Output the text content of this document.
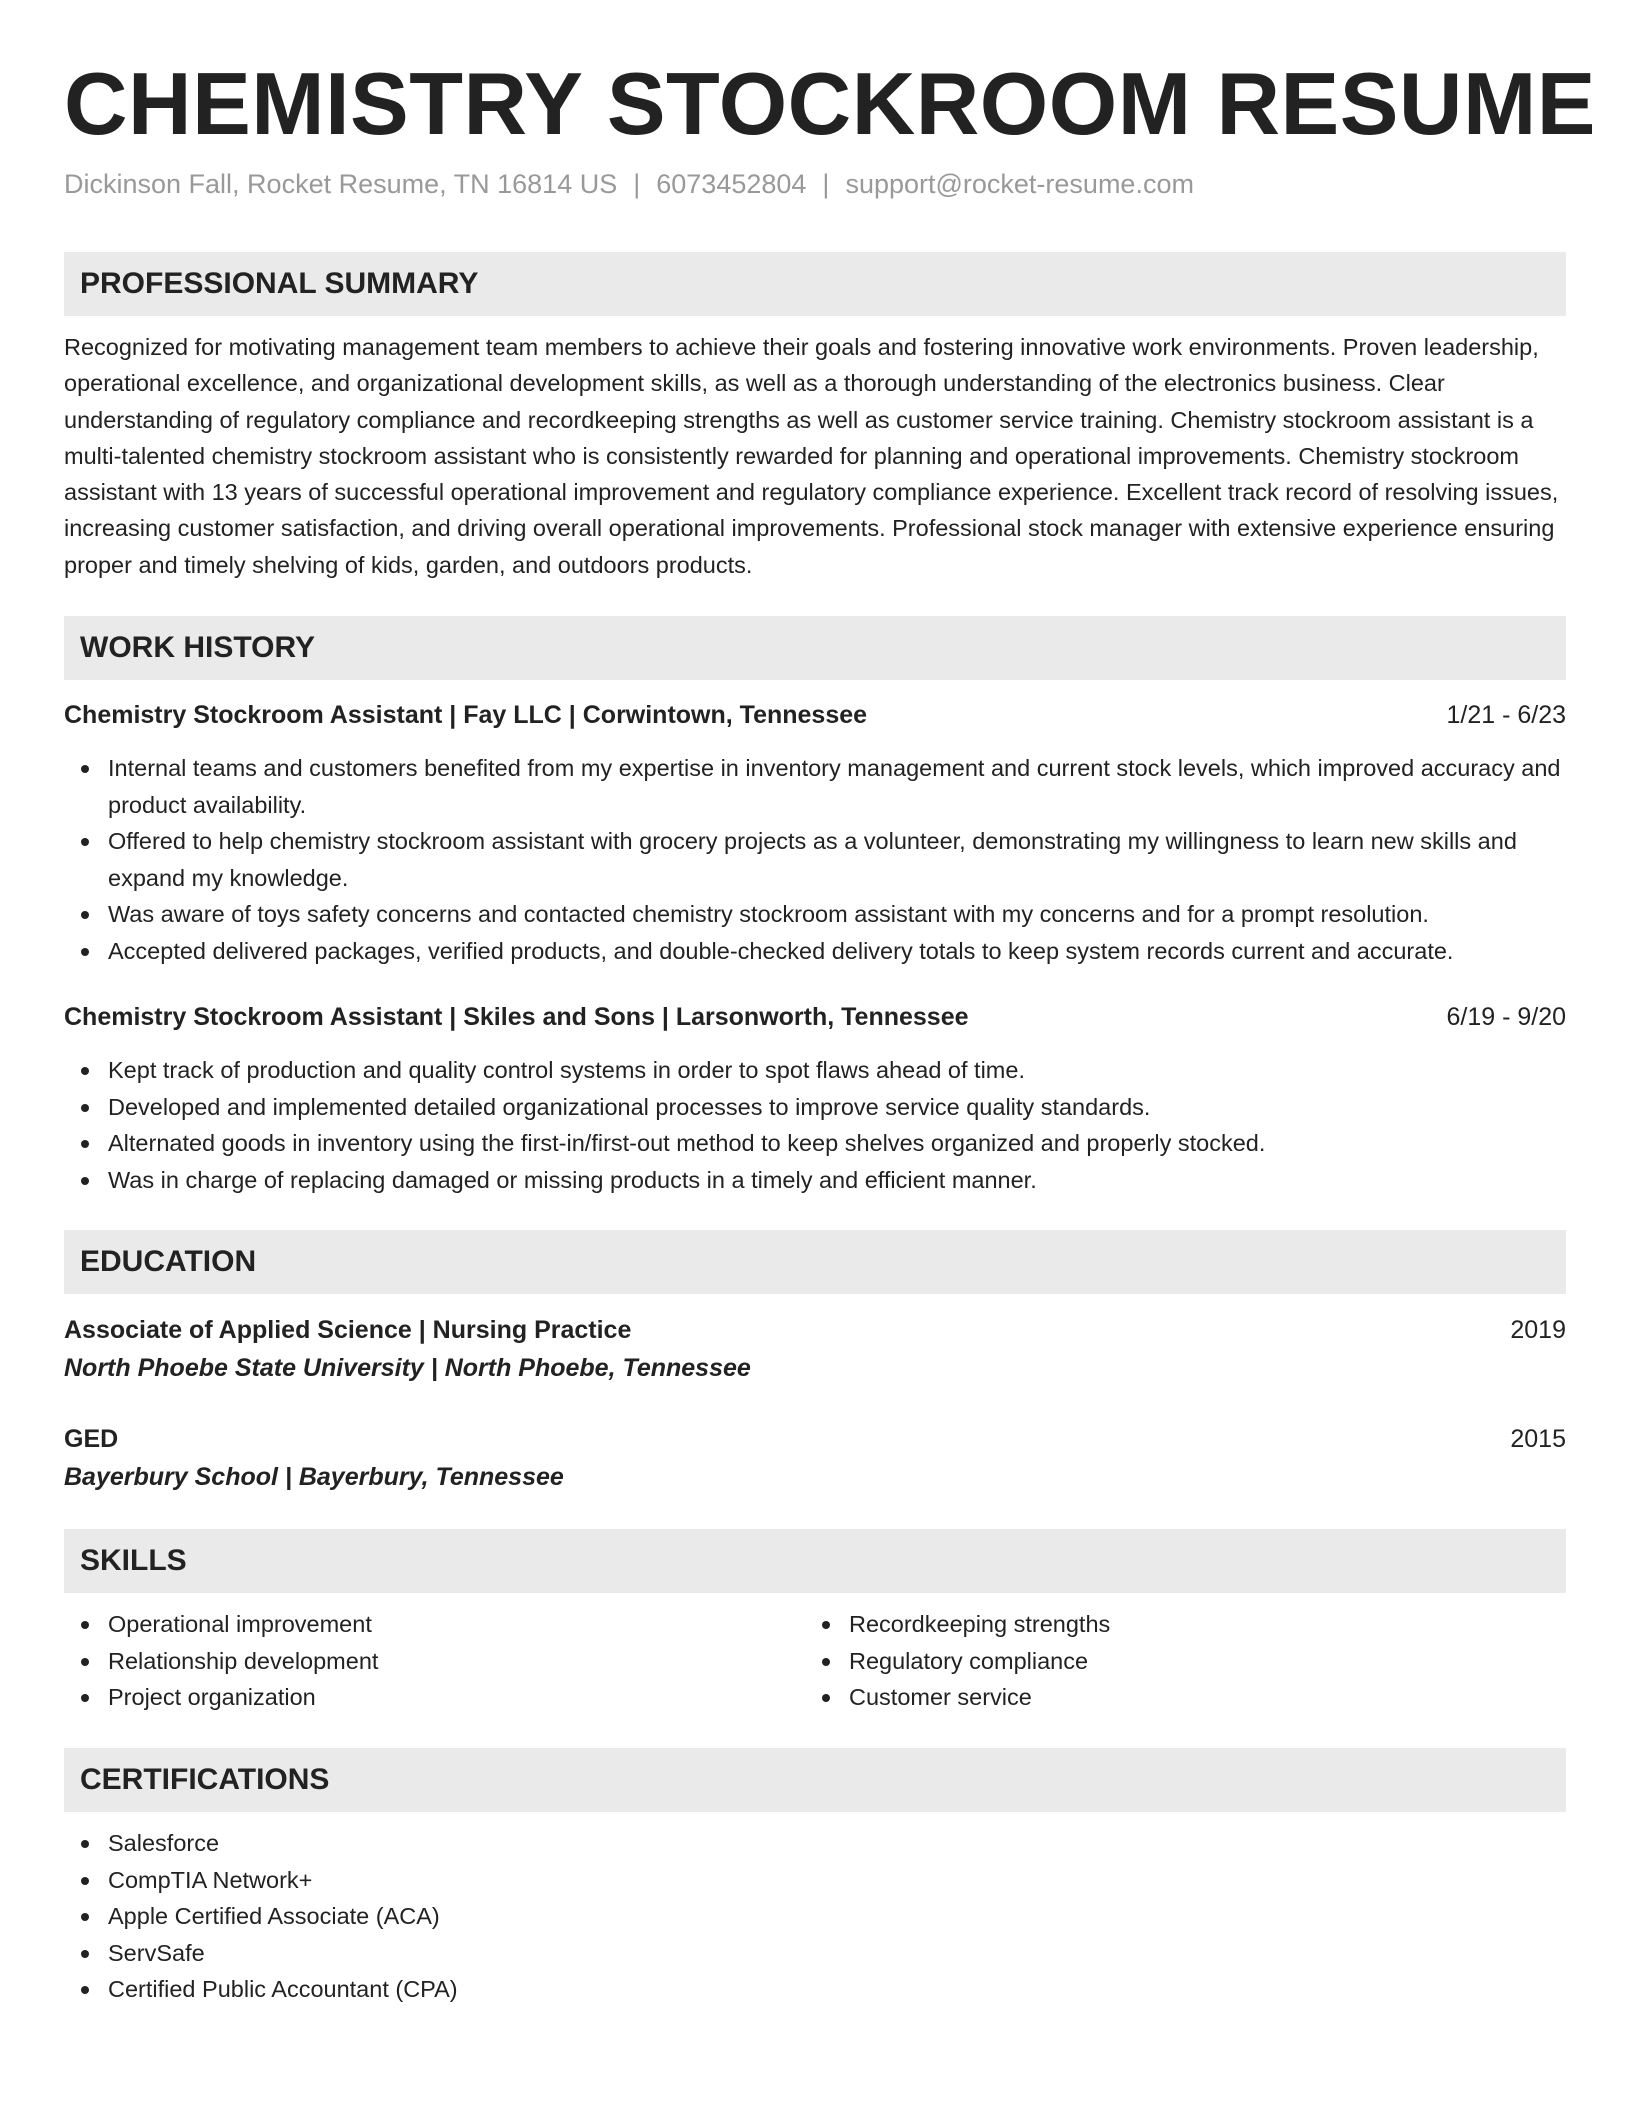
CHEMISTRY STOCKROOM RESUME
Dickinson Fall, Rocket Resume, TN 16814 US | 6073452804 | support@rocket-resume.com
PROFESSIONAL SUMMARY

Recognized for motivating management team members to achieve their goals and fostering innovative work environments. Proven leadership, operational excellence, and organizational development skills, as well as a thorough understanding of the electronics business. Clear understanding of regulatory compliance and recordkeeping strengths as well as customer service training. Chemistry stockroom assistant is a multi-talented chemistry stockroom assistant who is consistently rewarded for planning and operational improvements. Chemistry stockroom assistant with 13 years of successful operational improvement and regulatory compliance experience. Excellent track record of resolving issues, increasing customer satisfaction, and driving overall operational improvements. Professional stock manager with extensive experience ensuring proper and timely shelving of kids, garden, and outdoors products.

WORK HISTORY
Chemistry Stockroom Assistant | Fay LLC | Corwintown, Tennessee	1/21 - 6/23
Internal teams and customers benefited from my expertise in inventory management and current stock levels, which improved accuracy and product availability.
Offered to help chemistry stockroom assistant with grocery projects as a volunteer, demonstrating my willingness to learn new skills and expand my knowledge.
Was aware of toys safety concerns and contacted chemistry stockroom assistant with my concerns and for a prompt resolution.
Accepted delivered packages, verified products, and double-checked delivery totals to keep system records current and accurate.
Chemistry Stockroom Assistant | Skiles and Sons | Larsonworth, Tennessee	6/19 - 9/20
Kept track of production and quality control systems in order to spot flaws ahead of time.
Developed and implemented detailed organizational processes to improve service quality standards.
Alternated goods in inventory using the first-in/first-out method to keep shelves organized and properly stocked.
Was in charge of replacing damaged or missing products in a timely and efficient manner.
EDUCATION
Associate of Applied Science | Nursing Practice	2019
North Phoebe State University | North Phoebe, Tennessee
GED	2015
Bayerbury School | Bayerbury, Tennessee
SKILLS
Operational improvement
Relationship development
Project organization
Recordkeeping strengths
Regulatory compliance
Customer service
CERTIFICATIONS
Salesforce
CompTIA Network+
Apple Certified Associate (ACA)
ServSafe
Certified Public Accountant (CPA)
